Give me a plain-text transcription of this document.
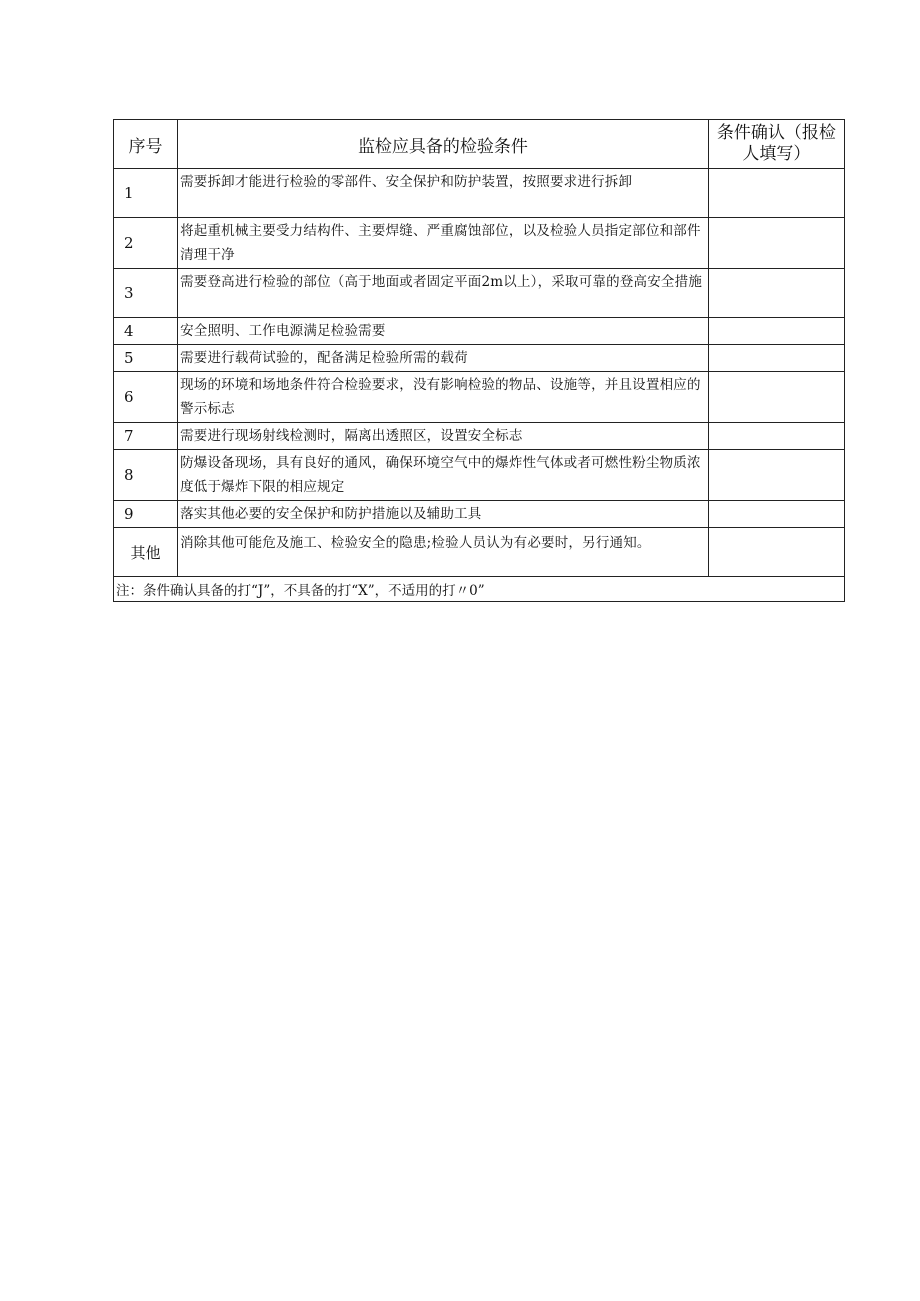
序号	监检应具备的检验条件	条件确认（报检人填写）
1	需要拆卸才能进行检验的零部件、安全保护和防护装置，按照要求进行拆卸	
2	将起重机械主要受力结构件、主要焊缝、严重腐蚀部位，以及检验人员指定部位和部件清理干净	
3	需要登高进行检验的部位（高于地面或者固定平面2m以上），采取可靠的登高安全措施	
4	安全照明、工作电源满足检验需要	
5	需要进行载荷试验的，配备满足检验所需的载荷	
6	现场的环境和场地条件符合检验要求，没有影响检验的物品、设施等，并且设置相应的警示标志	
7	需要进行现场射线检测时，隔离出透照区，设置安全标志	
8	防爆设备现场，具有良好的通风，确保环境空气中的爆炸性气体或者可燃性粉尘物质浓度低于爆炸下限的相应规定	
9	落实其他必要的安全保护和防护措施以及辅助工具	
其他	消除其他可能危及施工、检验安全的隐患;检验人员认为有必要时，另行通知。	
注：条件确认具备的打“J”，不具备的打“X”，不适用的打〃0”		
